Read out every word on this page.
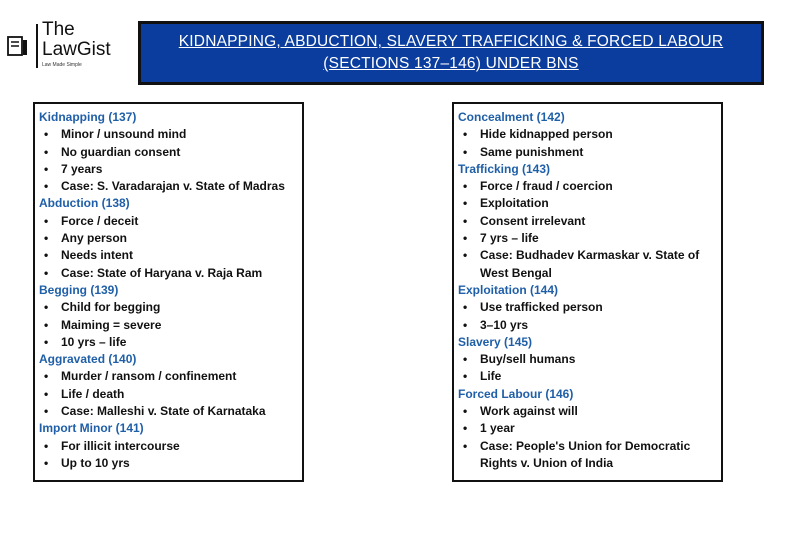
The
LawGist
Law Made Simple
KIDNAPPING, ABDUCTION, SLAVERY TRAFFICKING & FORCED LABOUR
(SECTIONS 137–146) UNDER BNS
Kidnapping (137)
• Minor / unsound mind
• No guardian consent
• 7 years
• Case: S. Varadarajan v. State of Madras
Abduction (138)
• Force / deceit
• Any person
• Needs intent
• Case: State of Haryana v. Raja Ram
Begging (139)
• Child for begging
• Maiming = severe
• 10 yrs – life
Aggravated (140)
• Murder / ransom / confinement
• Life / death
• Case: Malleshi v. State of Karnataka
Import Minor (141)
• For illicit intercourse
• Up to 10 yrs
Concealment (142)
• Hide kidnapped person
• Same punishment
Trafficking (143)
• Force / fraud / coercion
• Exploitation
• Consent irrelevant
• 7 yrs – life
• Case: Budhadev Karmaskar v. State of West Bengal
Exploitation (144)
• Use trafficked person
• 3–10 yrs
Slavery (145)
• Buy/sell humans
• Life
Forced Labour (146)
• Work against will
• 1 year
• Case: People's Union for Democratic Rights v. Union of India
